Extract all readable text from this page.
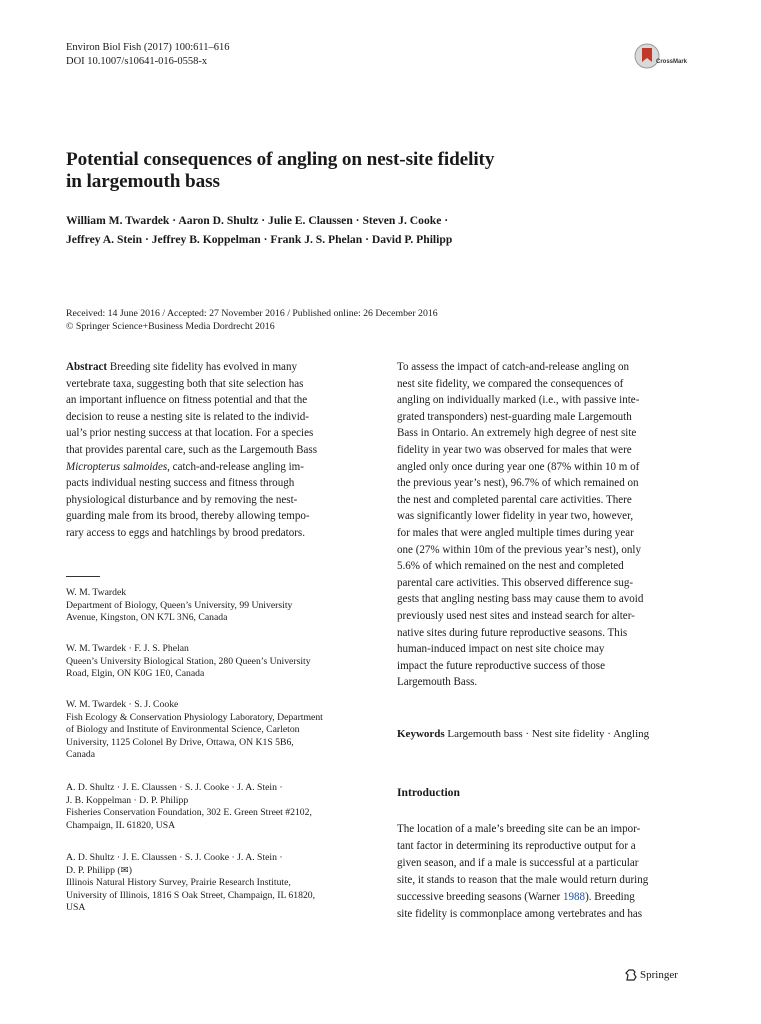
Environ Biol Fish (2017) 100:611–616
DOI 10.1007/s10641-016-0558-x	CrossMark
Potential consequences of angling on nest-site fidelity
in largemouth bass
William M. Twardek · Aaron D. Shultz · Julie E. Claussen · Steven J. Cooke ·
Jeffrey A. Stein · Jeffrey B. Koppelman · Frank J. S. Phelan · David P. Philipp
Received: 14 June 2016 / Accepted: 27 November 2016 / Published online: 26 December 2016
© Springer Science+Business Media Dordrecht 2016
Abstract Breeding site fidelity has evolved in many
vertebrate taxa, suggesting both that site selection has
an important influence on fitness potential and that the
decision to reuse a nesting site is related to the individ-
ual’s prior nesting success at that location. For a species
that provides parental care, such as the Largemouth Bass
Micropterus salmoides, catch-and-release angling im-
pacts individual nesting success and fitness through
physiological disturbance and by removing the nest-
guarding male from its brood, thereby allowing tempo-
rary access to eggs and hatchlings by brood predators.
W. M. Twardek
Department of Biology, Queen’s University, 99 University
Avenue, Kingston, ON K7L 3N6, Canada
W. M. Twardek · F. J. S. Phelan
Queen’s University Biological Station, 280 Queen’s University
Road, Elgin, ON K0G 1E0, Canada
W. M. Twardek · S. J. Cooke
Fish Ecology & Conservation Physiology Laboratory, Department
of Biology and Institute of Environmental Science, Carleton
University, 1125 Colonel By Drive, Ottawa, ON K1S 5B6,
Canada
A. D. Shultz · J. E. Claussen · S. J. Cooke · J. A. Stein ·
J. B. Koppelman · D. P. Philipp
Fisheries Conservation Foundation, 302 E. Green Street #2102,
Champaign, IL 61820, USA
A. D. Shultz · J. E. Claussen · S. J. Cooke · J. A. Stein ·
D. P. Philipp (✉)
Illinois Natural History Survey, Prairie Research Institute,
University of Illinois, 1816 S Oak Street, Champaign, IL 61820,
USA
To assess the impact of catch-and-release angling on
nest site fidelity, we compared the consequences of
angling on individually marked (i.e., with passive inte-
grated transponders) nest-guarding male Largemouth
Bass in Ontario. An extremely high degree of nest site
fidelity in year two was observed for males that were
angled only once during year one (87% within 10 m of
the previous year’s nest), 96.7% of which remained on
the nest and completed parental care activities. There
was significantly lower fidelity in year two, however,
for males that were angled multiple times during year
one (27% within 10m of the previous year’s nest), only
5.6% of which remained on the nest and completed
parental care activities. This observed difference sug-
gests that angling nesting bass may cause them to avoid
previously used nest sites and instead search for alter-
native sites during future reproductive seasons. This
human-induced impact on nest site choice may
impact the future reproductive success of those
Largemouth Bass.
Keywords Largemouth bass · Nest site fidelity · Angling
Introduction
The location of a male’s breeding site can be an impor-
tant factor in determining its reproductive output for a
given season, and if a male is successful at a particular
site, it stands to reason that the male would return during
successive breeding seasons (Warner 1988). Breeding
site fidelity is commonplace among vertebrates and has
Springer
